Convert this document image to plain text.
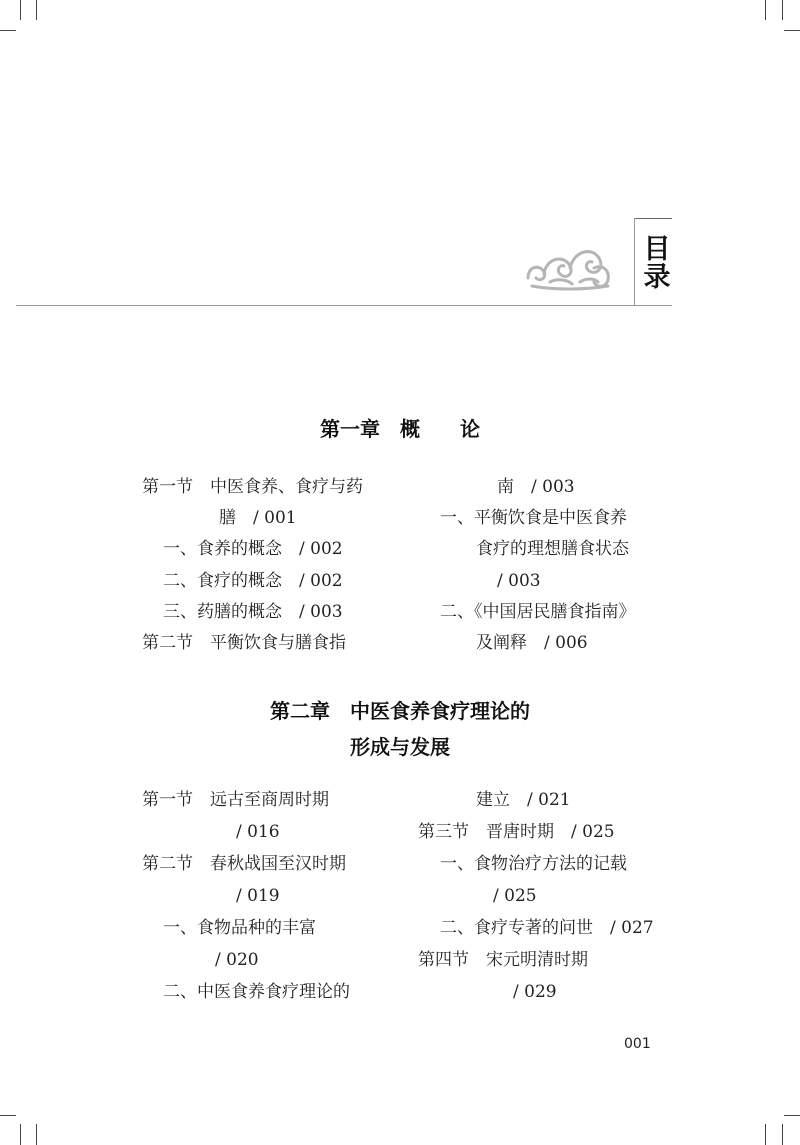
目
录
第一章　概　　论
第一节　中医食养、食疗与药
膳　/ 001
一、食养的概念　/ 002
二、食疗的概念　/ 002
三、药膳的概念　/ 003
第二节　平衡饮食与膳食指
南　/ 003
一、平衡饮食是中医食养
食疗的理想膳食状态
/ 003
二、《中国居民膳食指南》
及阐释　/ 006
第二章　中医食养食疗理论的
形成与发展
第一节　远古至商周时期
/ 016
第二节　春秋战国至汉时期
/ 019
一、食物品种的丰富
/ 020
二、中医食养食疗理论的
建立　/ 021
第三节　晋唐时期　/ 025
一、食物治疗方法的记载
/ 025
二、食疗专著的问世　/ 027
第四节　宋元明清时期
/ 029
001
